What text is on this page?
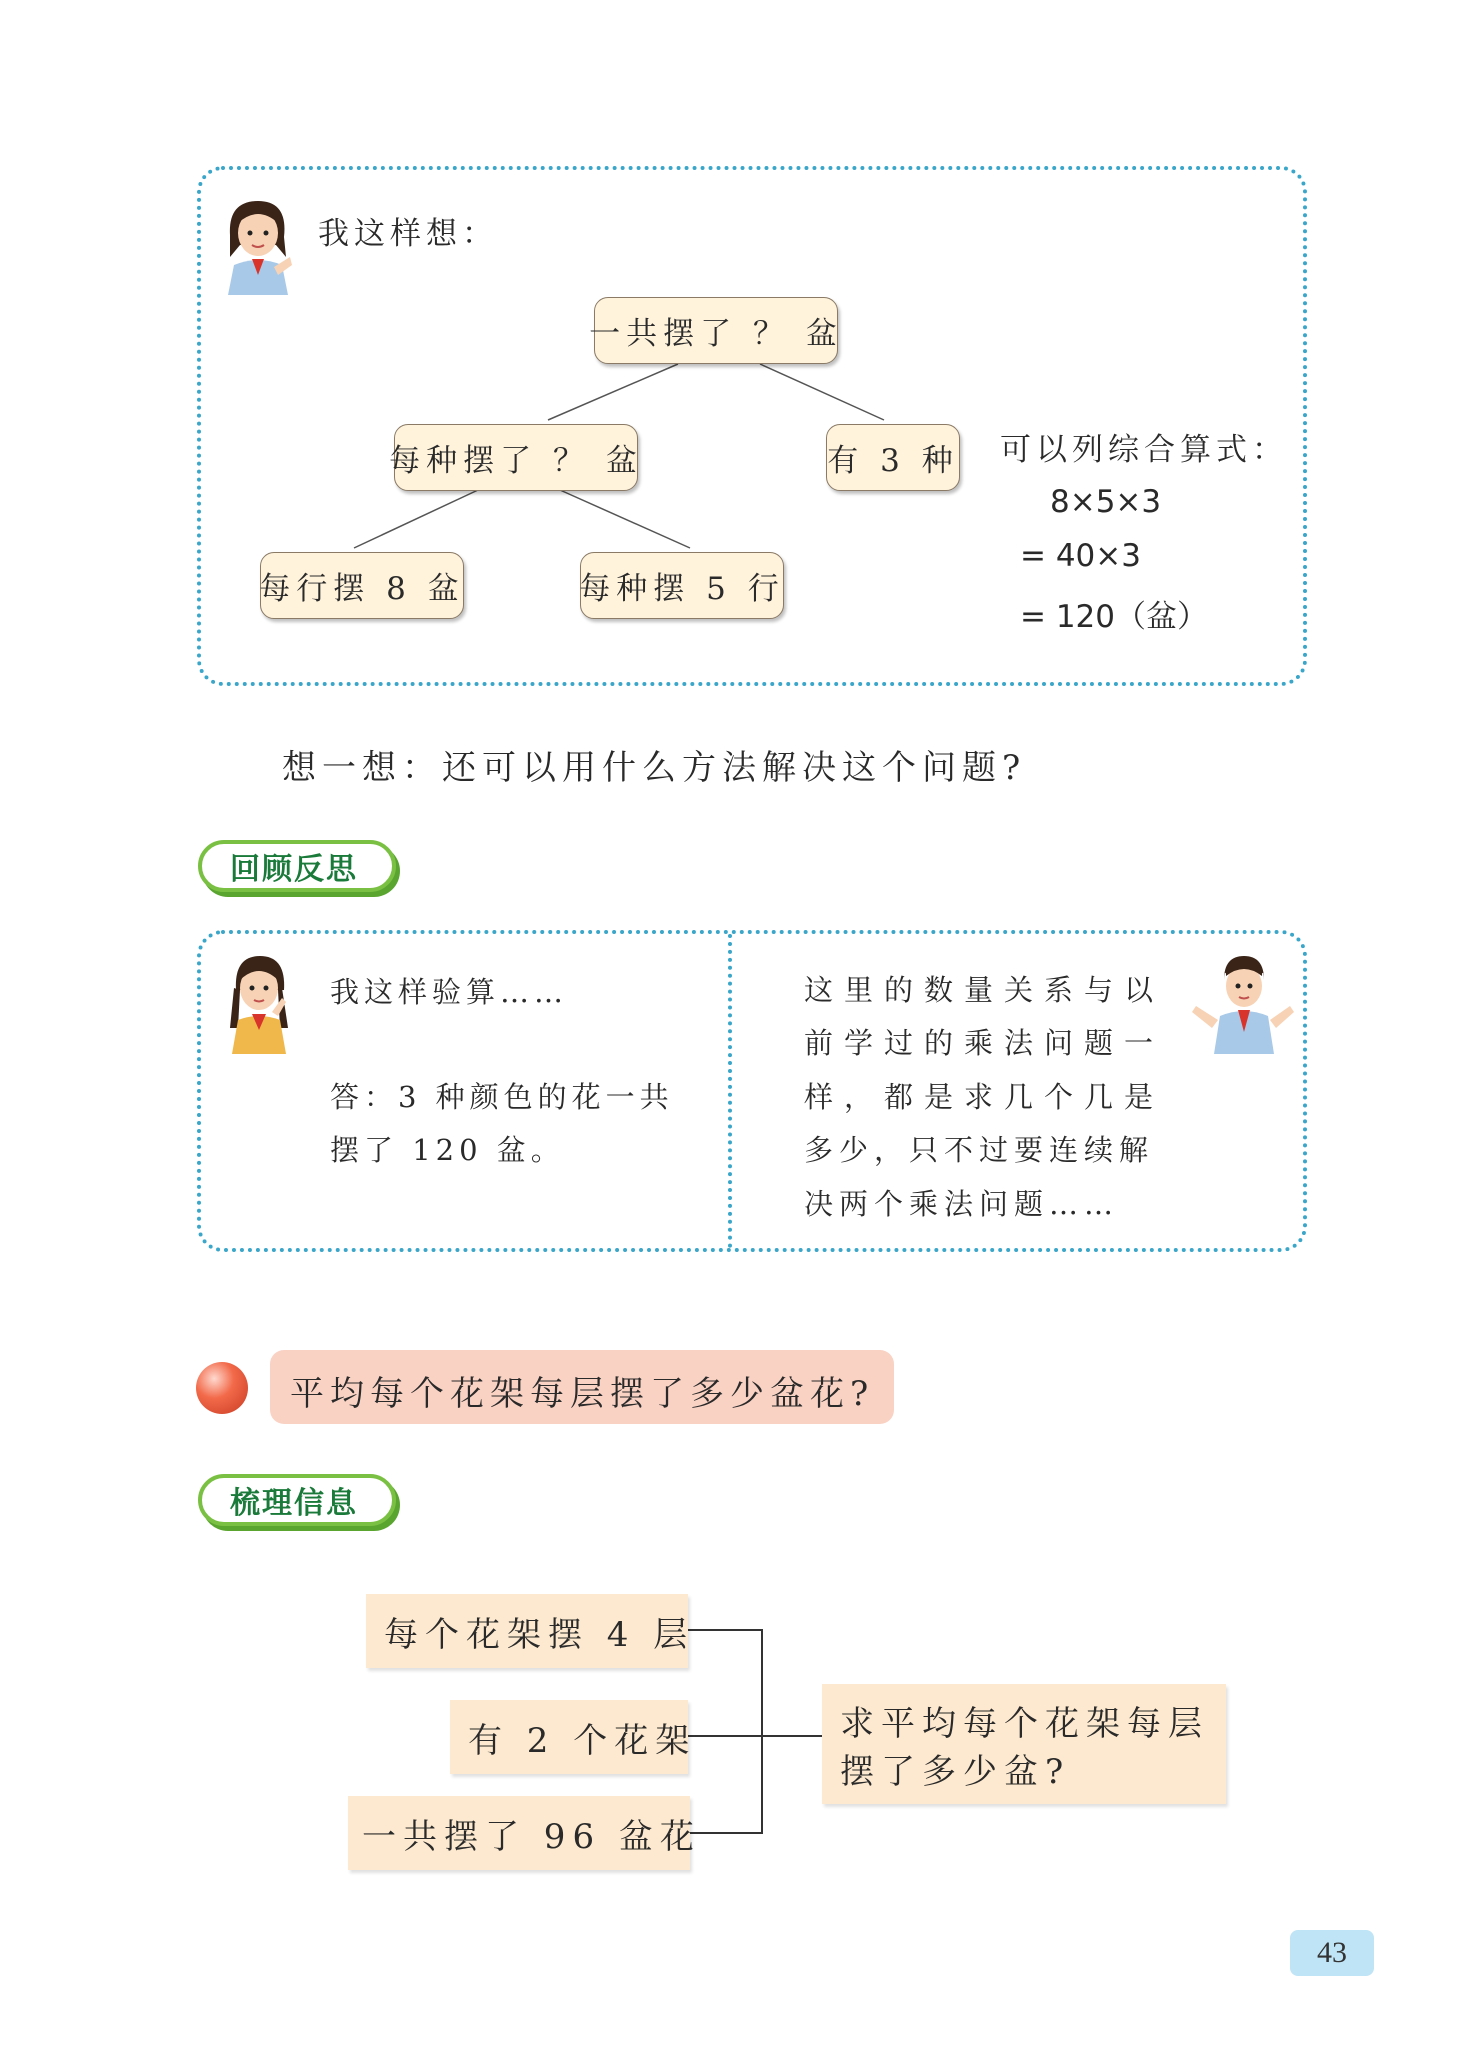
我这样想：
一共摆了 ？ 盆
每种摆了 ？ 盆	有 3 种
每行摆 8 盆	每种摆 5 行
可以列综合算式：
8×5×3
= 40×3
= 120（盆）
想一想：还可以用什么方法解决这个问题?
回顾反思
我这样验算……
答：3 种颜色的花一共
摆了 120 盆。
这里的数量关系与以
前学过的乘法问题一
样，都是求几个几是
多少，只不过要连续解
决两个乘法问题……
平均每个花架每层摆了多少盆花?
梳理信息
每个花架摆 4 层
有 2 个花架
一共摆了 96 盆花
求平均每个花架每层
摆了多少盆?
43
